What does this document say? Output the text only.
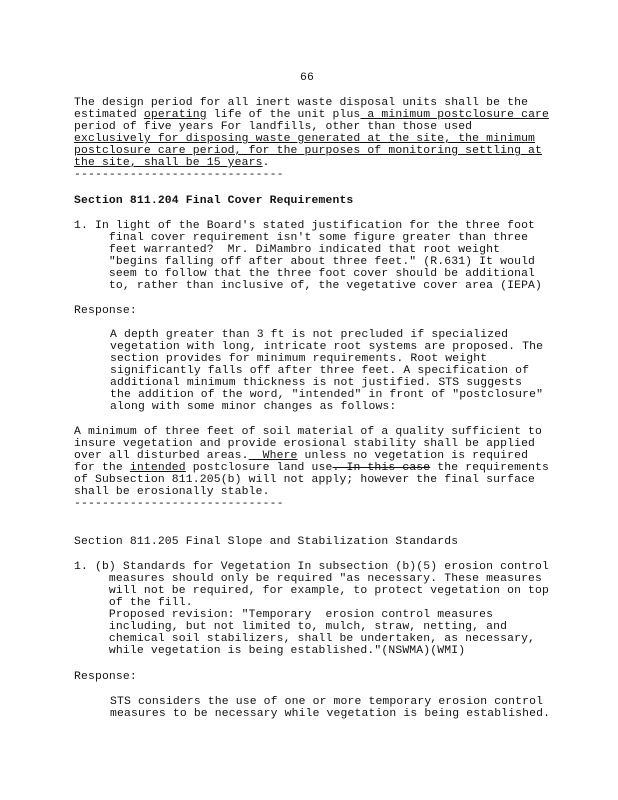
66
The design period for all inert waste disposal units shall be the
estimated operating life of the unit plus a minimum postclosure care
period of five years For landfills, other than those used
exclusively for disposing waste generated at the site, the minimum
postclosure care period, for the purposes of monitoring settling at
the site, shall be 15 years.
------------------------------
Section 811.204 Final Cover Requirements
1. In light of the Board's stated justification for the three foot
final cover requirement isn't some figure greater than three
feet warranted?  Mr. DiMambro indicated that root weight
"begins falling off after about three feet." (R.631) It would
seem to follow that the three foot cover should be additional
to, rather than inclusive of, the vegetative cover area (IEPA)
Response:
A depth greater than 3 ft is not precluded if specialized
vegetation with long, intricate root systems are proposed. The
section provides for minimum requirements. Root weight
significantly falls off after three feet. A specification of
additional minimum thickness is not justified. STS suggests
the addition of the word, "intended" in front of "postclosure"
along with some minor changes as follows:
A minimum of three feet of soil material of a quality sufficient to
insure vegetation and provide erosional stability shall be applied
over all disturbed areas.  Where unless no vegetation is required
for the intended postclosure land use. In this case the requirements
of Subsection 811.205(b) will not apply; however the final surface
shall be erosionally stable.
------------------------------
Section 811.205 Final Slope and Stabilization Standards
1. (b) Standards for Vegetation In subsection (b)(5) erosion control
measures should only be required "as necessary. These measures
will not be required, for example, to protect vegetation on top
of the fill.
Proposed revision: "Temporary  erosion control measures
including, but not limited to, mulch, straw, netting, and
chemical soil stabilizers, shall be undertaken, as necessary,
while vegetation is being established."(NSWMA)(WMI)
Response:
STS considers the use of one or more temporary erosion control
measures to be necessary while vegetation is being established.
